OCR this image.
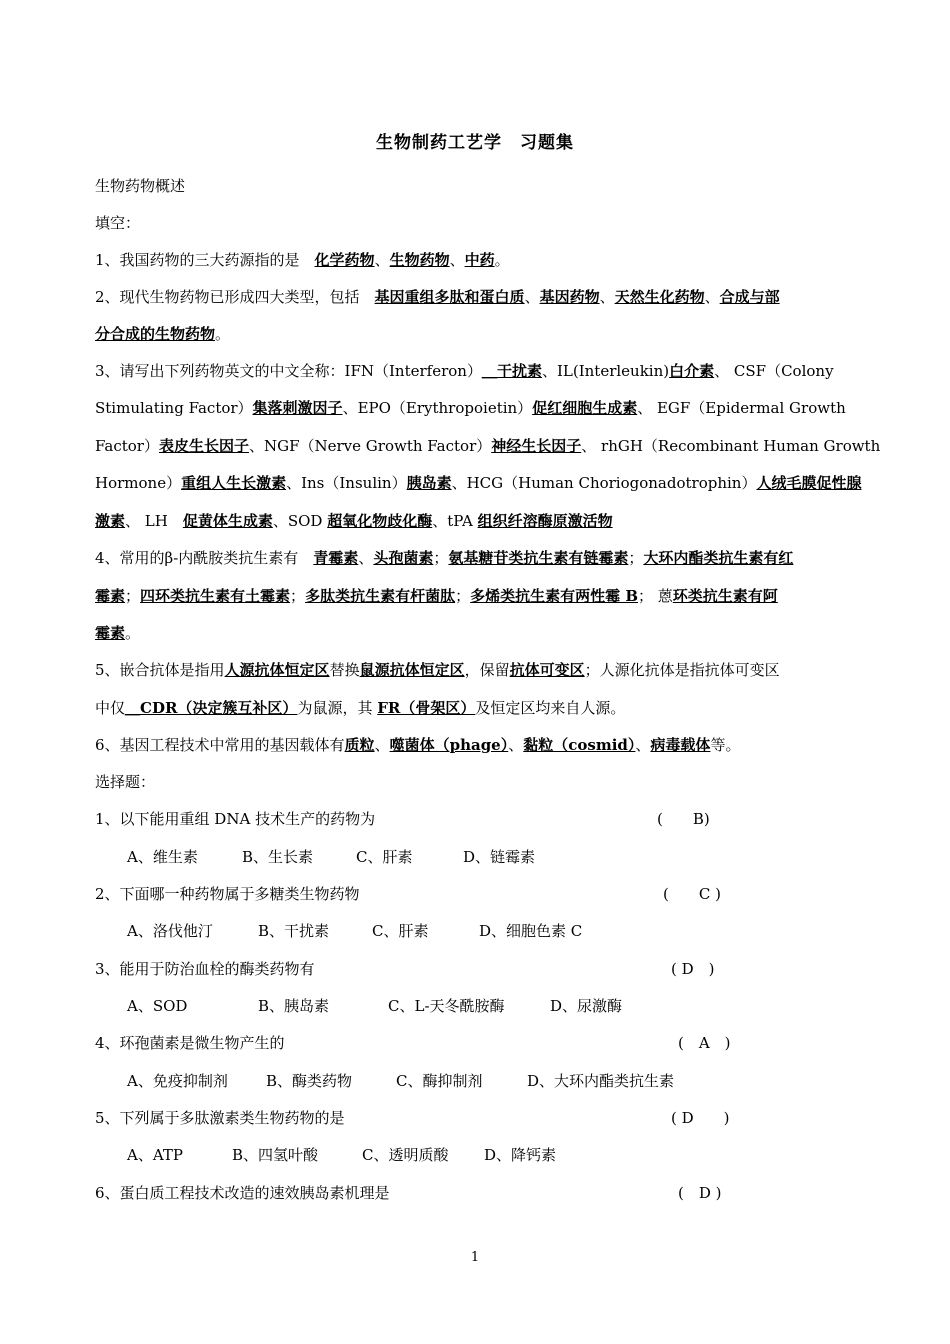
生物制药工艺学　习题集
生物药物概述
填空：
1、我国药物的三大药源指的是　化学药物、生物药物、中药。
2、现代生物药物已形成四大类型，包括　基因重组多肽和蛋白质、基因药物、天然生化药物、合成与部
分合成的生物药物。
3、请写出下列药物英文的中文全称：IFN（Interferon）＿干扰素、IL(Interleukin)白介素、 CSF（Colony
Stimulating Factor）集落刺激因子、EPO（Erythropoietin）促红细胞生成素、 EGF（Epidermal Growth
Factor）表皮生长因子、NGF（Nerve Growth Factor）神经生长因子、 rhGH（Recombinant Human Growth
Hormone）重组人生长激素、Ins（Insulin）胰岛素、HCG（Human Choriogonadotrophin）人绒毛膜促性腺
激素、 LH　促黄体生成素、SOD 超氧化物歧化酶、tPA 组织纤溶酶原激活物
4、常用的β-内酰胺类抗生素有　青霉素、头孢菌素；氨基糖苷类抗生素有链霉素；大环内酯类抗生素有红
霉素；四环类抗生素有土霉素；多肽类抗生素有杆菌肽；多烯类抗生素有两性霉 B； 蒽环类抗生素有阿
霉素。
5、嵌合抗体是指用人源抗体恒定区替换鼠源抗体恒定区，保留抗体可变区；人源化抗体是指抗体可变区
中仅＿CDR（决定簇互补区）为鼠源，其 FR（骨架区）及恒定区均来自人源。
6、基因工程技术中常用的基因载体有质粒、噬菌体（phage）、黏粒（cosmid）、病毒载体等。
选择题：
1、以下能用重组 DNA 技术生产的药物为	(　　B)
A、维生素	B、生长素	C、肝素	D、链霉素
2、下面哪一种药物属于多糖类生物药物	(　　C )
A、洛伐他汀	B、干扰素	C、肝素	D、细胞色素 C
3、能用于防治血栓的酶类药物有	( D　)
A、SOD	B、胰岛素	C、L-天冬酰胺酶	D、尿激酶
4、环孢菌素是微生物产生的	(　A　)
A、免疫抑制剂	B、酶类药物	C、酶抑制剂	D、大环内酯类抗生素
5、下列属于多肽激素类生物药物的是	( D　　)
A、ATP	B、四氢叶酸	C、透明质酸 D、降钙素
6、蛋白质工程技术改造的速效胰岛素机理是	(　D )
1
